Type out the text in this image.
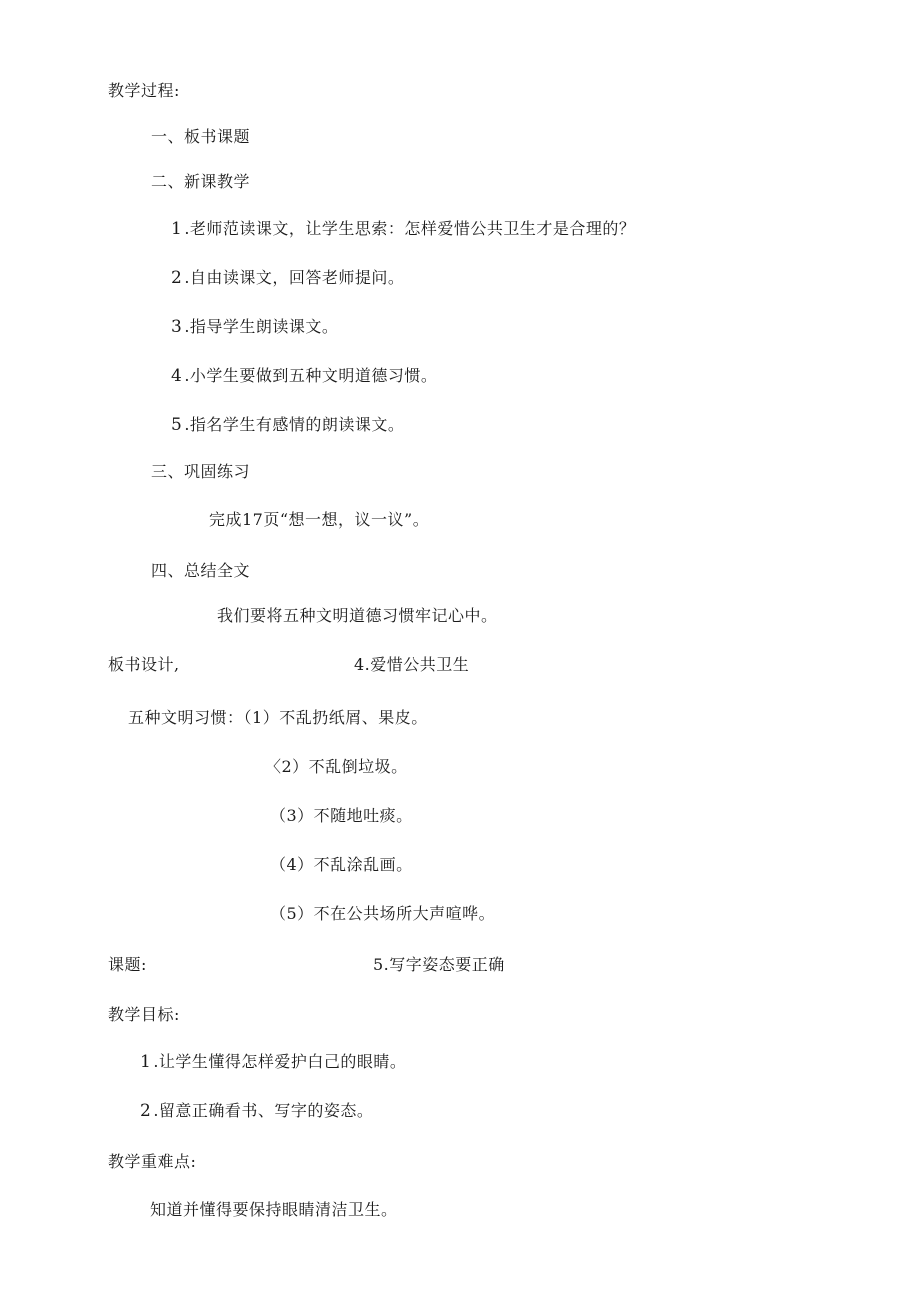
教学过程:
一、板书课题
二、新课教学
1 .老师范读课文，让学生思索：怎样爱惜公共卫生才是合理的？
2 .自由读课文，回答老师提问。
3 .指导学生朗读课文。
4 .小学生要做到五种文明道德习惯。
5 .指名学生有感情的朗读课文。
三、巩固练习
完成17页“想一想，议一议”。
四、总结全文
我们要将五种文明道德习惯牢记心中。
板书设计,	4.爱惜公共卫生
五种文明习惯：（1）不乱扔纸屑、果皮。
〈2）不乱倒垃圾。
（3）不随地吐痰。
（4）不乱涂乱画。
（5）不在公共场所大声喧哗。
课题:	5.写字姿态要正确
教学目标:
1 .让学生懂得怎样爱护白己的眼睛。
2 .留意正确看书、写字的姿态。
教学重难点:
知道并懂得要保持眼睛清洁卫生。
